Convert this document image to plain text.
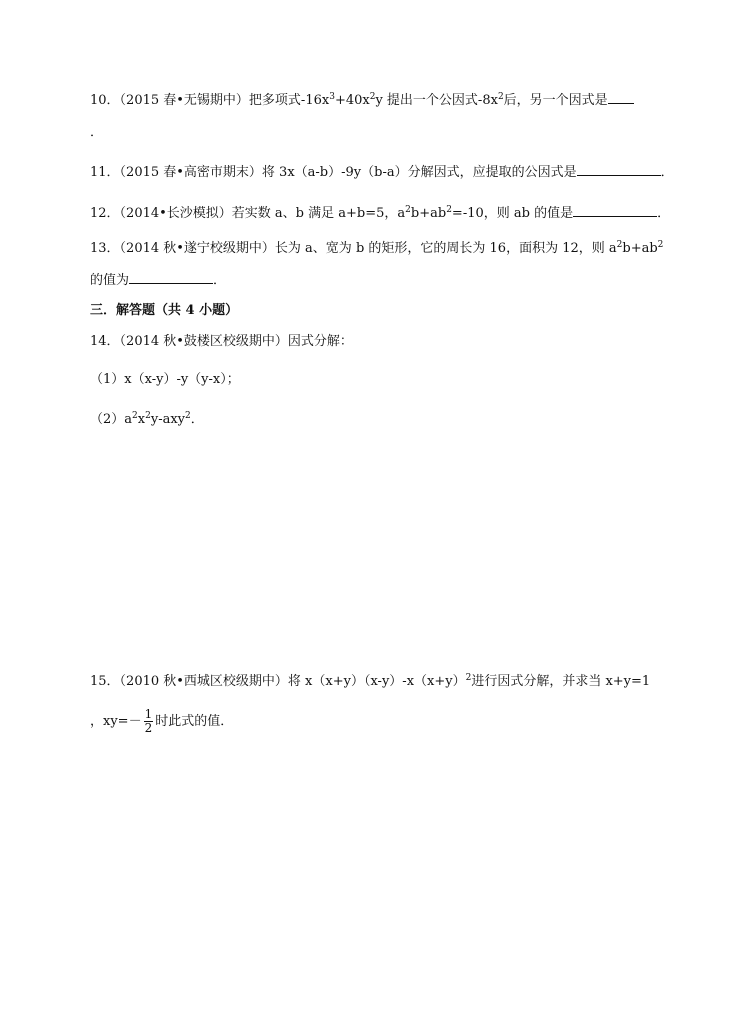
10．（2015 春•无锡期中）把多项式$-16x^3+40x^2y$ 提出一个公因式$-8x^2$后，另一个因式是
．
11．（2015 春•高密市期末）将 3x（a-b）-9y（b-a）分解因式，应提取的公因式是	．
12．（2014•长沙模拟）若实数 a、b 满足 a+b=5，$a^2b+ab^2=-10$，则 ab 的值是	．
13．（2014 秋•遂宁校级期中）长为 a、宽为 b 的矩形，它的周长为 16，面积为 12，则 $a^2b+ab^2$
的值为	．
三．解答题（共 4 小题）
14．（2014 秋•鼓楼区校级期中）因式分解：
（1）x（x-y）-y（y-x）；
$(2)a^2x^2y-axy^2$．
15．（2010 秋•西城区校级期中）将 $x(x+y)(x-y)-x(x+y)^2$进行因式分解，并求当 x+y=1
，$xy=- \frac{1}{2}$ 时此式的值．
